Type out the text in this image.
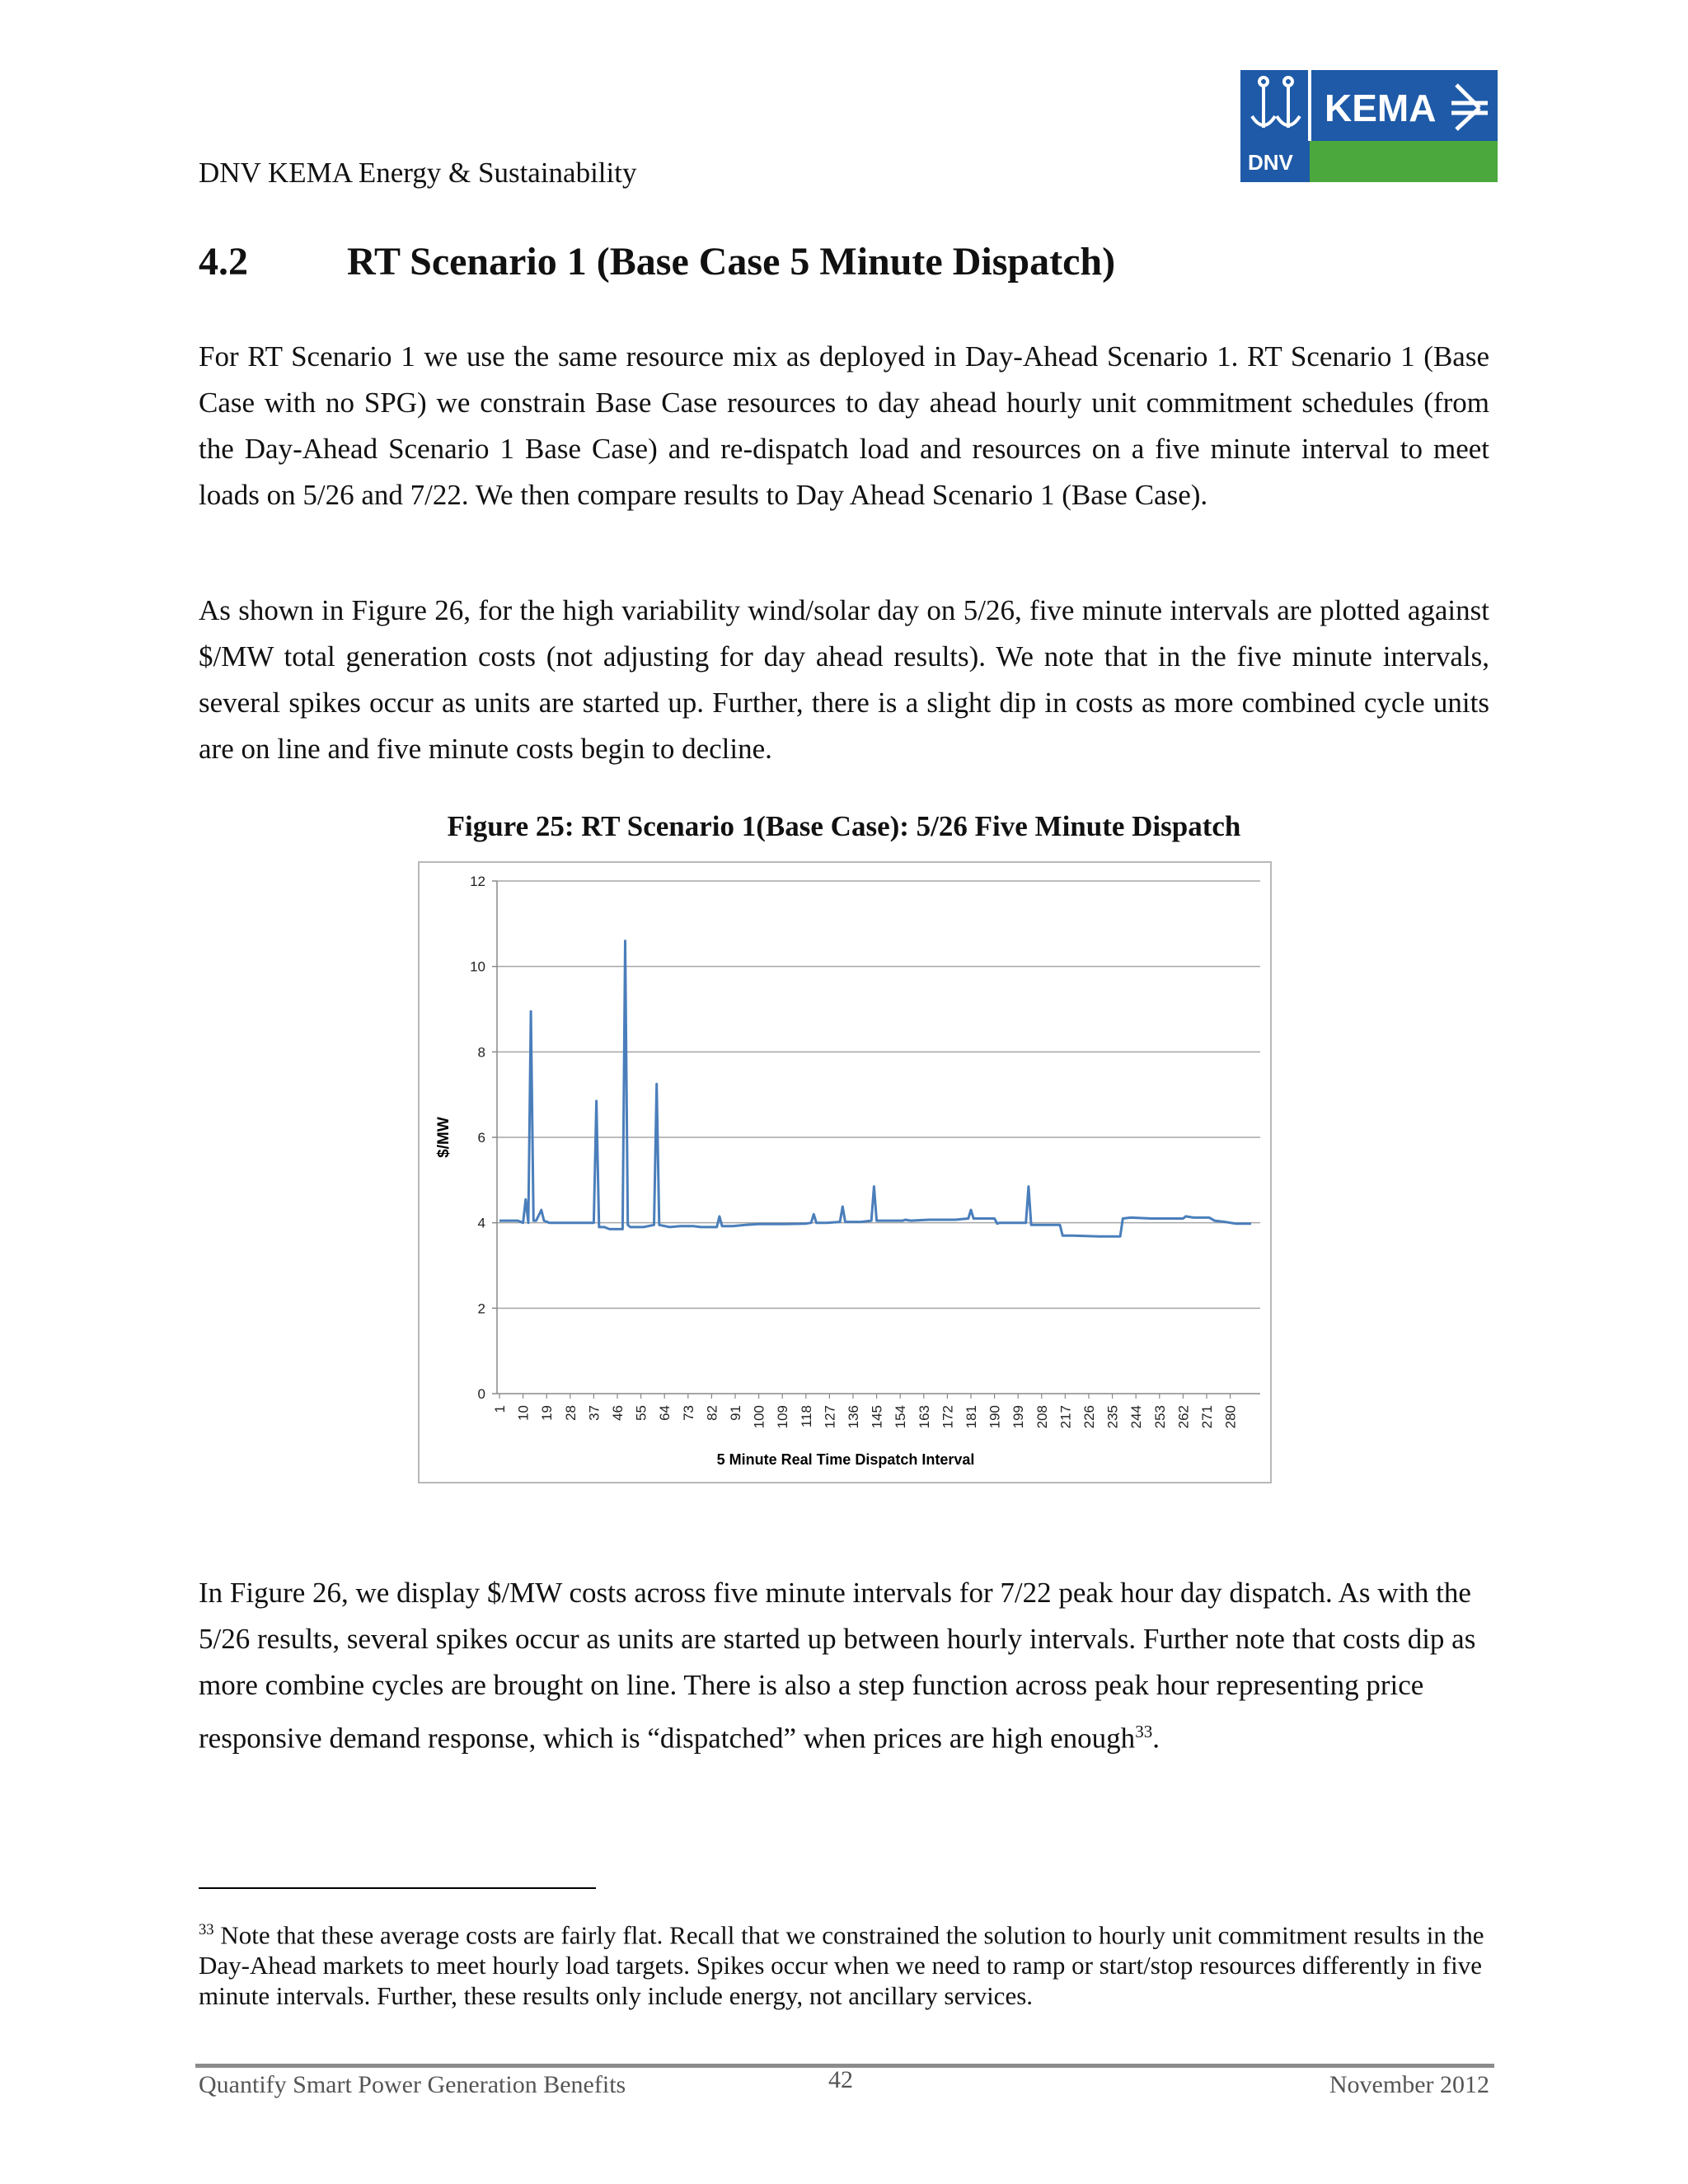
DNV KEMA Energy & Sustainability
KEMA
DNV
4.2	RT Scenario 1 (Base Case 5 Minute Dispatch)
For RT Scenario 1 we use the same resource mix as deployed in Day-Ahead Scenario 1. RT Scenario 1 (Base Case with no SPG) we constrain Base Case resources to day ahead hourly unit commitment schedules (from the Day-Ahead Scenario 1 Base Case) and re-dispatch load and resources on a five minute interval to meet loads on 5/26 and 7/22. We then compare results to Day Ahead Scenario 1 (Base Case).
As shown in Figure 26, for the high variability wind/solar day on 5/26, five minute intervals are plotted against $/MW total generation costs (not adjusting for day ahead results). We note that in the five minute intervals, several spikes occur as units are started up. Further, there is a slight dip in costs as more combined cycle units are on line and five minute costs begin to decline.
Figure 25: RT Scenario 1(Base Case): 5/26 Five Minute Dispatch
0
2
4
6
8
10
12
1 10 19 28 37 46 55 64 73 82 91 100 109 118 127 136 145 154 163 172 181 190 199 208 217 226 235 244 253 262 271 280
$/MW
5 Minute Real Time Dispatch Interval
In Figure 26, we display $/MW costs across five minute intervals for 7/22 peak hour day dispatch. As with the 5/26 results, several spikes occur as units are started up between hourly intervals. Further note that costs dip as more combine cycles are brought on line. There is also a step function across peak hour representing price responsive demand response, which is “dispatched” when prices are high enough$^{33}$.
$^{33}$ Note that these average costs are fairly flat. Recall that we constrained the solution to hourly unit commitment results in the Day-Ahead markets to meet hourly load targets. Spikes occur when we need to ramp or start/stop resources differently in five minute intervals. Further, these results only include energy, not ancillary services.
Quantify Smart Power Generation Benefits	42	November 2012
